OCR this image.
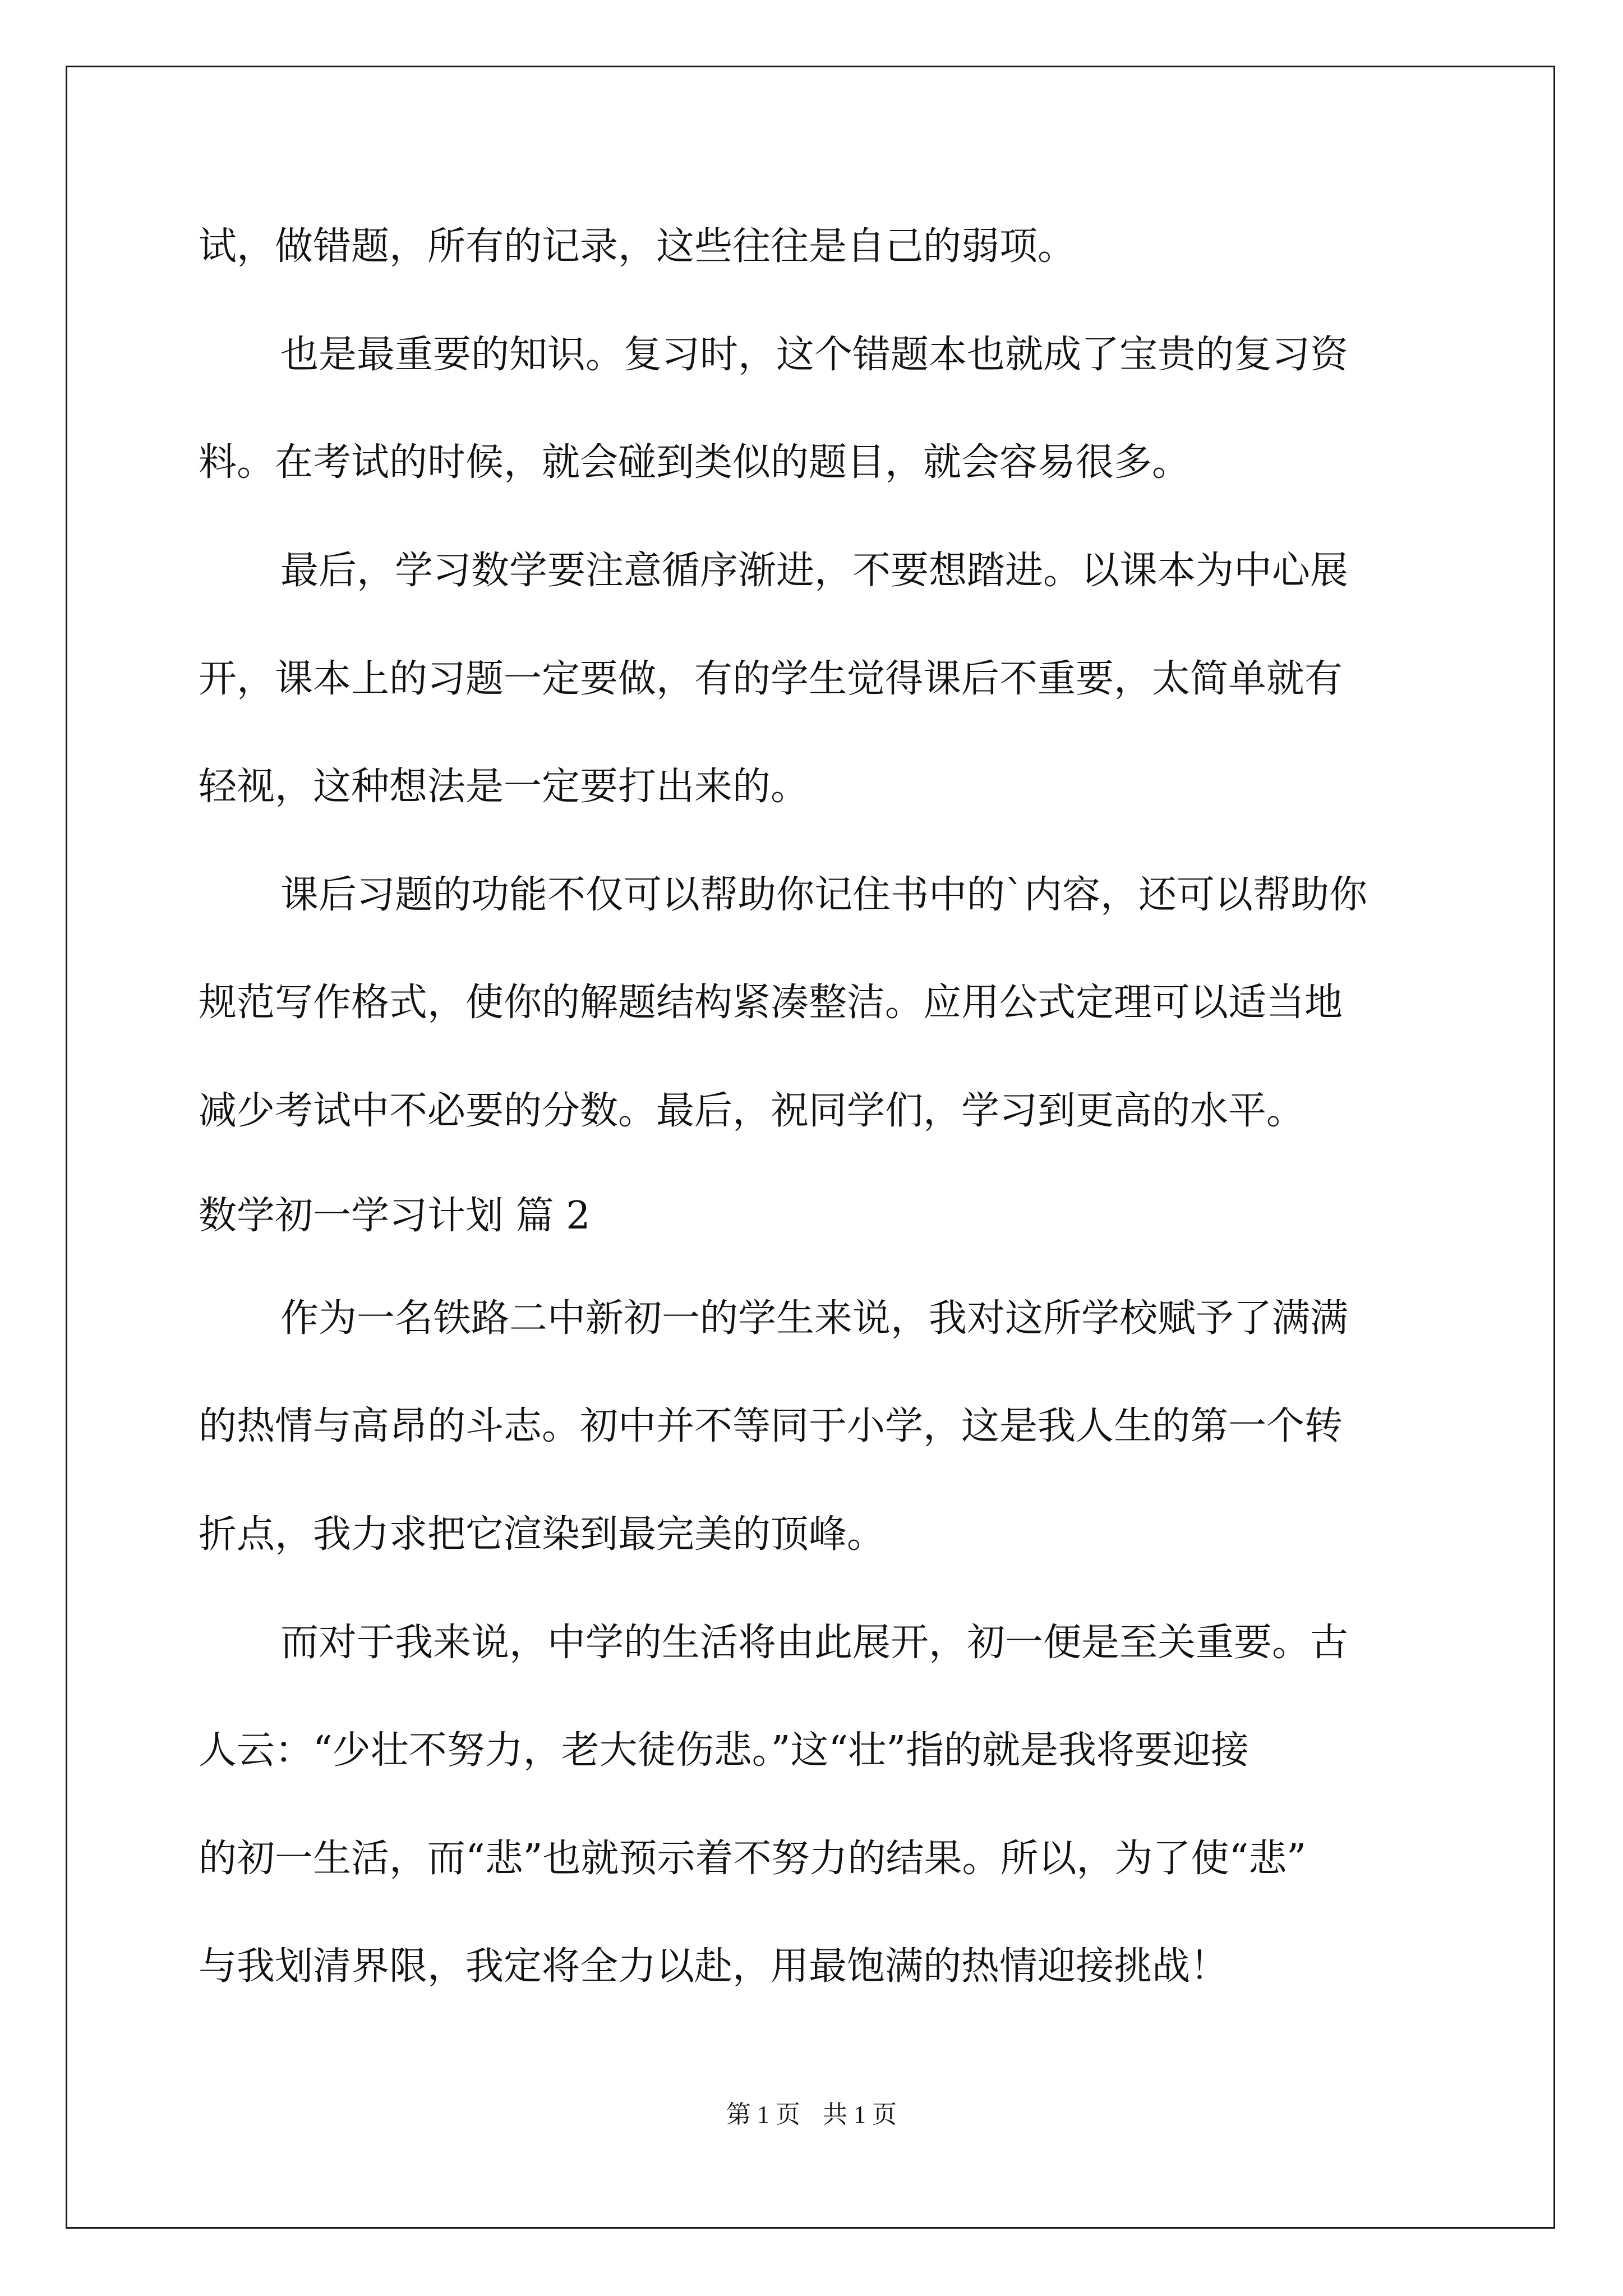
试，做错题，所有的记录，这些往往是自己的弱项。

也是最重要的知识。复习时，这个错题本也就成了宝贵的复习资

料。在考试的时候，就会碰到类似的题目，就会容易很多。

最后，学习数学要注意循序渐进，不要想踏进。以课本为中心展

开，课本上的习题一定要做，有的学生觉得课后不重要，太简单就有

轻视，这种想法是一定要打出来的。

课后习题的功能不仅可以帮助你记住书中的`内容，还可以帮助你

规范写作格式，使你的解题结构紧凑整洁。应用公式定理可以适当地

减少考试中不必要的分数。最后，祝同学们，学习到更高的水平。

数学初一学习计划 篇 2

作为一名铁路二中新初一的学生来说，我对这所学校赋予了满满

的热情与高昂的斗志。初中并不等同于小学，这是我人生的第一个转

折点，我力求把它渲染到最完美的顶峰。

而对于我来说，中学的生活将由此展开，初一便是至关重要。古

人云：“少壮不努力，老大徒伤悲。”这“壮”指的就是我将要迎接

的初一生活，而“悲”也就预示着不努力的结果。所以，为了使“悲”

与我划清界限，我定将全力以赴，用最饱满的热情迎接挑战！

第 1 页 共 1 页
